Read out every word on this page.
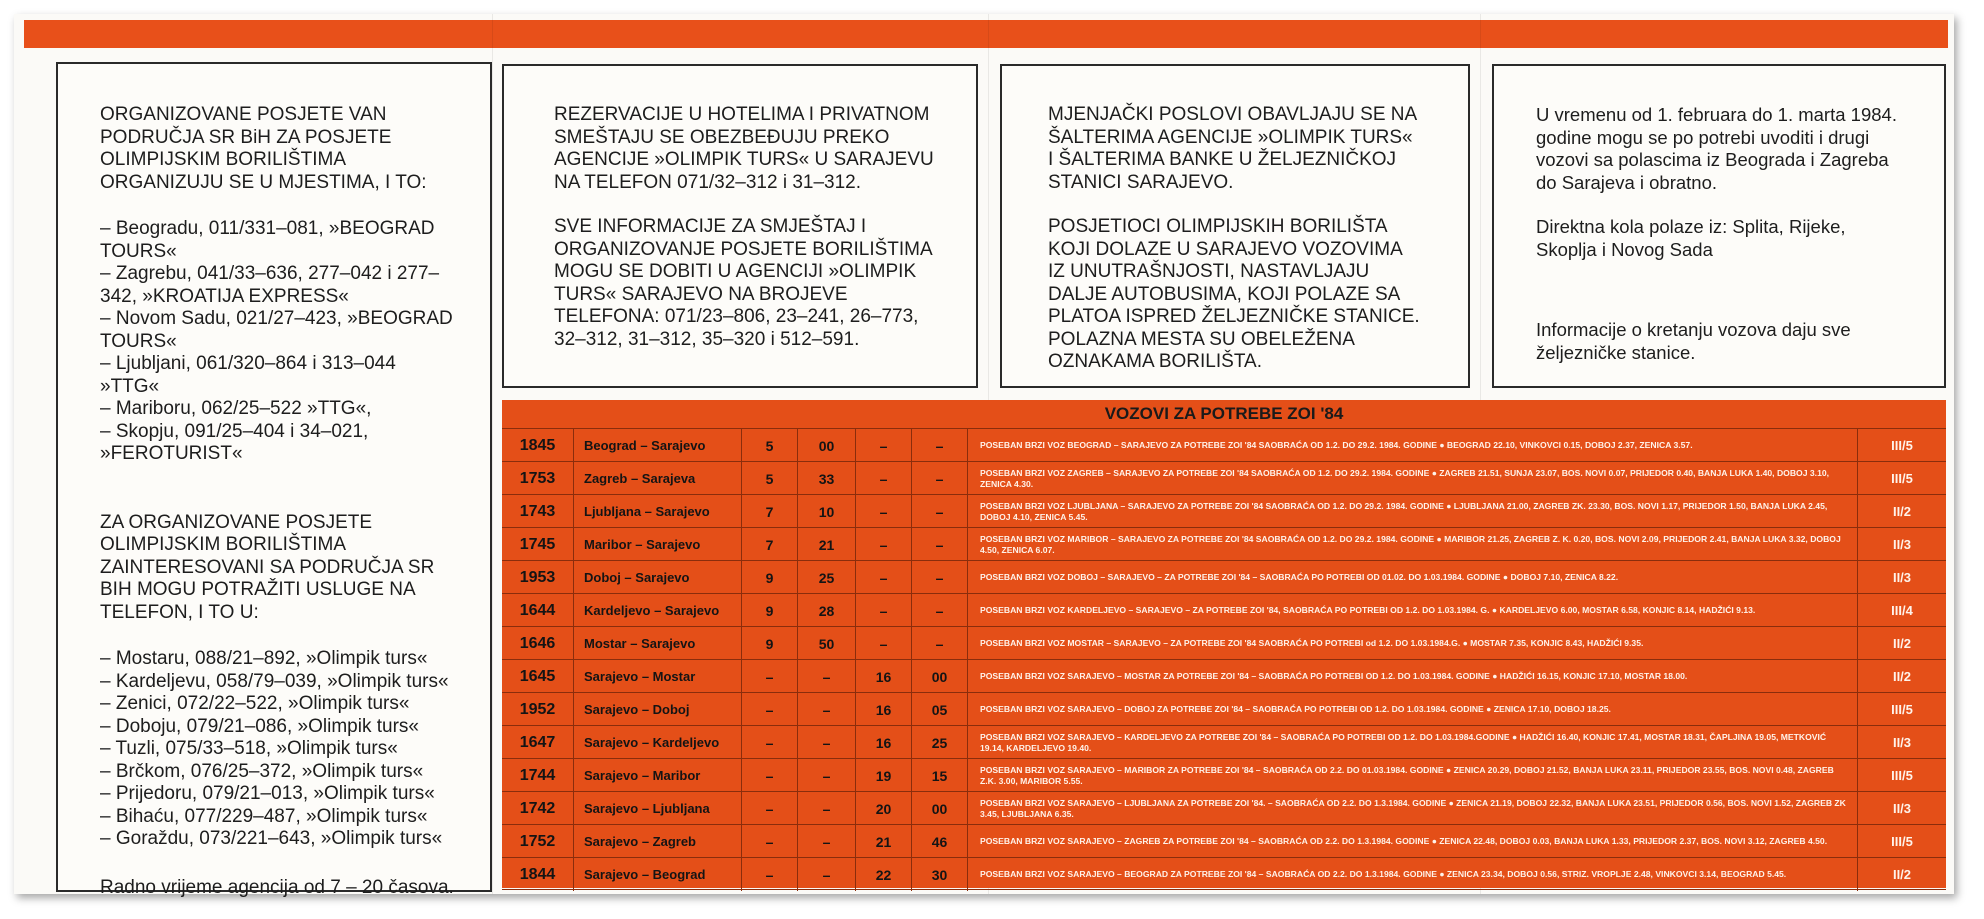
ORGANIZOVANE POSJETE VAN PODRUČJA SR BiH ZA POSJETE OLIMPIJSKIM BORILIŠTIMA ORGANIZUJU SE U MJESTIMA, I TO:

– Beogradu, 011/331–081, »BEOGRAD TOURS«

– Zagrebu, 041/33–636, 277–042 i 277–342, »KROATIJA EXPRESS«

– Novom Sadu, 021/27–423, »BEOGRAD TOURS«

– Ljubljani, 061/320–864 i 313–044 »TTG«

– Mariboru, 062/25–522 »TTG«,

– Skopju, 091/25–404 i 34–021, »FEROTURIST«

ZA ORGANIZOVANE POSJETE OLIMPIJSKIM BORILIŠTIMA ZAINTERESOVANI SA PODRUČJA SR BIH MOGU POTRAŽITI USLUGE NA TELEFON, I TO U:

– Mostaru, 088/21–892, »Olimpik turs«

– Kardeljevu, 058/79–039, »Olimpik turs«

– Zenici, 072/22–522, »Olimpik turs«

– Doboju, 079/21–086, »Olimpik turs«

– Tuzli, 075/33–518, »Olimpik turs«

– Brčkom, 076/25–372, »Olimpik turs«

– Prijedoru, 079/21–013, »Olimpik turs«

– Bihaću, 077/229–487, »Olimpik turs«

– Goraždu, 073/221–643, »Olimpik turs«

Radno vrijeme agencija od 7 – 20 časova.

REZERVACIJE U HOTELIMA I PRIVATNOM SMEŠTAJU SE OBEZBEĐUJU PREKO AGENCIJE »OLIMPIK TURS« U SARAJEVU NA TELEFON 071/32–312 i 31–312.

SVE INFORMACIJE ZA SMJEŠTAJ I ORGANIZOVANJE POSJETE BORILIŠTIMA MOGU SE DOBITI U AGENCIJI »OLIMPIK TURS« SARAJEVO NA BROJEVE TELEFONA: 071/23–806, 23–241, 26–773, 32–312, 31–312, 35–320 i 512–591.

MJENJAČKI POSLOVI OBAVLJAJU SE NA ŠALTERIMA AGENCIJE »OLIMPIK TURS« I ŠALTERIMA BANKE U ŽELJEZNIČKOJ STANICI SARAJEVO.

POSJETIOCI OLIMPIJSKIH BORILIŠTA KOJI DOLAZE U SARAJEVO VOZOVIMA IZ UNUTRAŠNJOSTI, NASTAVLJAJU DALJE AUTOBUSIMA, KOJI POLAZE SA PLATOA ISPRED ŽELJEZNIČKE STANICE. POLAZNA MESTA SU OBELEŽENA OZNAKAMA BORILIŠTA.

U vremenu od 1. februara do 1. marta 1984. godine mogu se po potrebi uvoditi i drugi vozovi sa polascima iz Beograda i Zagreba do Sarajeva i obratno.

Direktna kola polaze iz: Splita, Rijeke, Skoplja i Novog Sada

Informacije o kretanju vozova daju sve željezničke stanice.

VOZOVI ZA POTREBE ZOI '84
1845	Beograd – Sarajevo	5	00	–	–	POSEBAN BRZI VOZ BEOGRAD – SARAJEVO ZA POTREBE ZOI '84 SAOBRAĆA OD 1.2. DO 29.2. 1984. GODINE ● BEOGRAD 22.10, VINKOVCI 0.15, DOBOJ 2.37, ZENICA 3.57.	III/5
1753	Zagreb – Sarajeva	5	33	–	–	POSEBAN BRZI VOZ ZAGREB – SARAJEVO ZA POTREBE ZOI '84 SAOBRAĆA OD 1.2. DO 29.2. 1984. GODINE ● ZAGREB 21.51, SUNJA 23.07, BOS. NOVI 0.07, PRIJEDOR 0.40, BANJA LUKA 1.40, DOBOJ 3.10, ZENICA 4.30.	III/5
1743	Ljubljana – Sarajevo	7	10	–	–	POSEBAN BRZI VOZ LJUBLJANA – SARAJEVO ZA POTREBE ZOI '84 SAOBRAĆA OD 1.2. DO 29.2. 1984. GODINE ● LJUBLJANA 21.00, ZAGREB ZK. 23.30, BOS. NOVI 1.17, PRIJEDOR 1.50, BANJA LUKA 2.45, DOBOJ 4.10, ZENICA 5.45.	II/2
1745	Maribor – Sarajevo	7	21	–	–	POSEBAN BRZI VOZ MARIBOR – SARAJEVO ZA POTREBE ZOI '84 SAOBRAĆA OD 1.2. DO 29.2. 1984. GODINE ● MARIBOR 21.25, ZAGREB Z. K. 0.20, BOS. NOVI 2.09, PRIJEDOR 2.41, BANJA LUKA 3.32, DOBOJ 4.50, ZENICA 6.07.	II/3
1953	Doboj – Sarajevo	9	25	–	–	POSEBAN BRZI VOZ DOBOJ – SARAJEVO – ZA POTREBE ZOI '84 – SAOBRAĆA PO POTREBI OD 01.02. DO 1.03.1984. GODINE ● DOBOJ 7.10, ZENICA 8.22.	II/3
1644	Kardeljevo – Sarajevo	9	28	–	–	POSEBAN BRZI VOZ KARDELJEVO – SARAJEVO – ZA POTREBE ZOI '84, SAOBRAĆA PO POTREBI OD 1.2. DO 1.03.1984. G. ● KARDELJEVO 6.00, MOSTAR 6.58, KONJIC 8.14, HADŽIĆI 9.13.	III/4
1646	Mostar – Sarajevo	9	50	–	–	POSEBAN BRZI VOZ MOSTAR – SARAJEVO – ZA POTREBE ZOI '84 SAOBRAĆA PO POTREBI od 1.2. DO 1.03.1984.G. ● MOSTAR 7.35, KONJIC 8.43, HADŽIĆI 9.35.	II/2
1645	Sarajevo – Mostar	–	–	16	00	POSEBAN BRZI VOZ SARAJEVO – MOSTAR ZA POTREBE ZOI '84 – SAOBRAĆA PO POTREBI OD 1.2. DO 1.03.1984. GODINE ● HADŽIĆI 16.15, KONJIC 17.10, MOSTAR 18.00.	II/2
1952	Sarajevo – Doboj	–	–	16	05	POSEBAN BRZI VOZ SARAJEVO – DOBOJ ZA POTREBE ZOI '84 – SAOBRAĆA PO POTREBI OD 1.2. DO 1.03.1984. GODINE ● ZENICA 17.10, DOBOJ 18.25.	III/5
1647	Sarajevo – Kardeljevo	–	–	16	25	POSEBAN BRZI VOZ SARAJEVO – KARDELJEVO ZA POTREBE ZOI '84 – SAOBRAĆA PO POTREBI OD 1.2. DO 1.03.1984.GODINE ● HADŽIĆI 16.40, KONJIC 17.41, MOSTAR 18.31, ČAPLJINA 19.05, METKOVIĆ 19.14, KARDELJEVO 19.40.	II/3
1744	Sarajevo – Maribor	–	–	19	15	POSEBAN BRZI VOZ SARAJEVO – MARIBOR ZA POTREBE ZOI '84 – SAOBRAĆA OD 2.2. DO 01.03.1984. GODINE ● ZENICA 20.29, DOBOJ 21.52, BANJA LUKA 23.11, PRIJEDOR 23.55, BOS. NOVI 0.48, ZAGREB Z.K. 3.00, MARIBOR 5.55.	III/5
1742	Sarajevo – Ljubljana	–	–	20	00	POSEBAN BRZI VOZ SARAJEVO – LJUBLJANA ZA POTREBE ZOI '84. – SAOBRAĆA OD 2.2. DO 1.3.1984. GODINE ● ZENICA 21.19, DOBOJ 22.32, BANJA LUKA 23.51, PRIJEDOR 0.56, BOS. NOVI 1.52, ZAGREB ZK 3.45, LJUBLJANA 6.35.	II/3
1752	Sarajevo – Zagreb	–	–	21	46	POSEBAN BRZI VOZ SARAJEVO – ZAGREB ZA POTREBE ZOI '84 – SAOBRAĆA OD 2.2. DO 1.3.1984. GODINE ● ZENICA 22.48, DOBOJ 0.03, BANJA LUKA 1.33, PRIJEDOR 2.37, BOS. NOVI 3.12, ZAGREB 4.50.	III/5
1844	Sarajevo – Beograd	–	–	22	30	POSEBAN BRZI VOZ SARAJEVO – BEOGRAD ZA POTREBE ZOI '84 – SAOBRAĆA OD 2.2. DO 1.3.1984. GODINE ● ZENICA 23.34, DOBOJ 0.56, STRIZ. VROPLJE 2.48, VINKOVCI 3.14, BEOGRAD 5.45.	II/2
